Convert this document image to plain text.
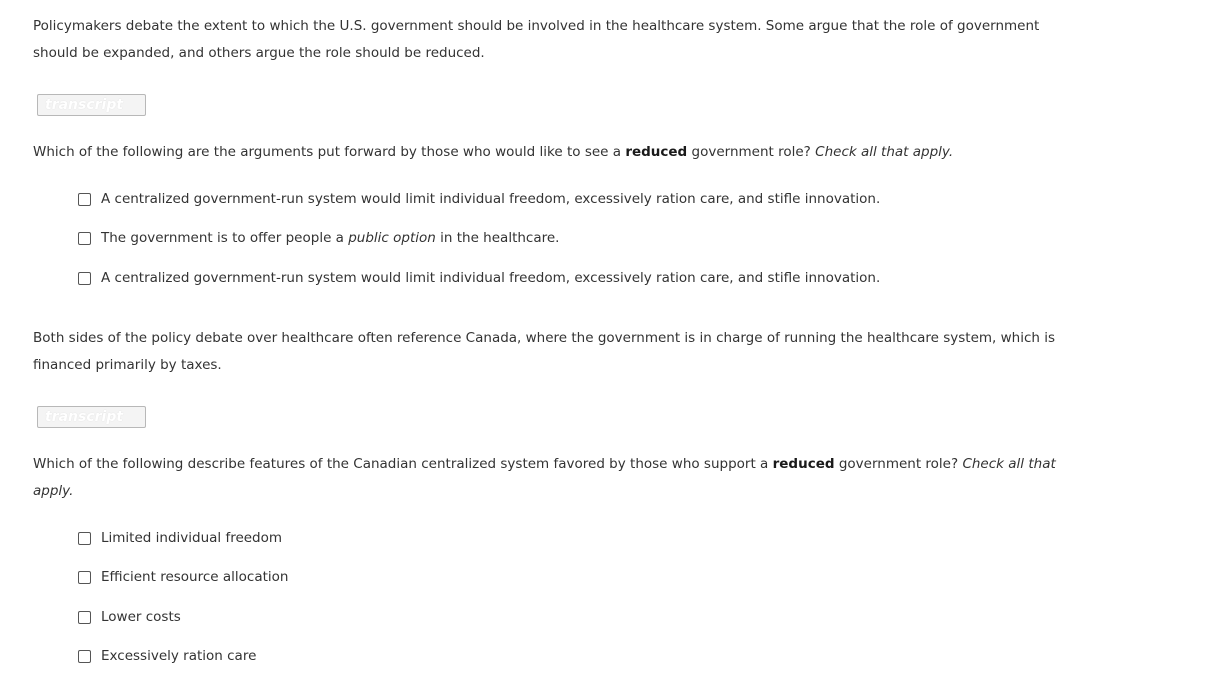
Policymakers debate the extent to which the U.S. government should be involved in the healthcare system. Some argue that the role of government should be expanded, and others argue the role should be reduced.

transcript

Which of the following are the arguments put forward by those who would like to see a reduced government role? Check all that apply.

A centralized government-run system would limit individual freedom, excessively ration care, and stifle innovation.
The government is to offer people a public option in the healthcare.
A centralized government-run system would limit individual freedom, excessively ration care, and stifle innovation.

Both sides of the policy debate over healthcare often reference Canada, where the government is in charge of running the healthcare system, which is financed primarily by taxes.

transcript

Which of the following describe features of the Canadian centralized system favored by those who support a reduced government role? Check all that apply.

Limited individual freedom
Efficient resource allocation
Lower costs
Excessively ration care
